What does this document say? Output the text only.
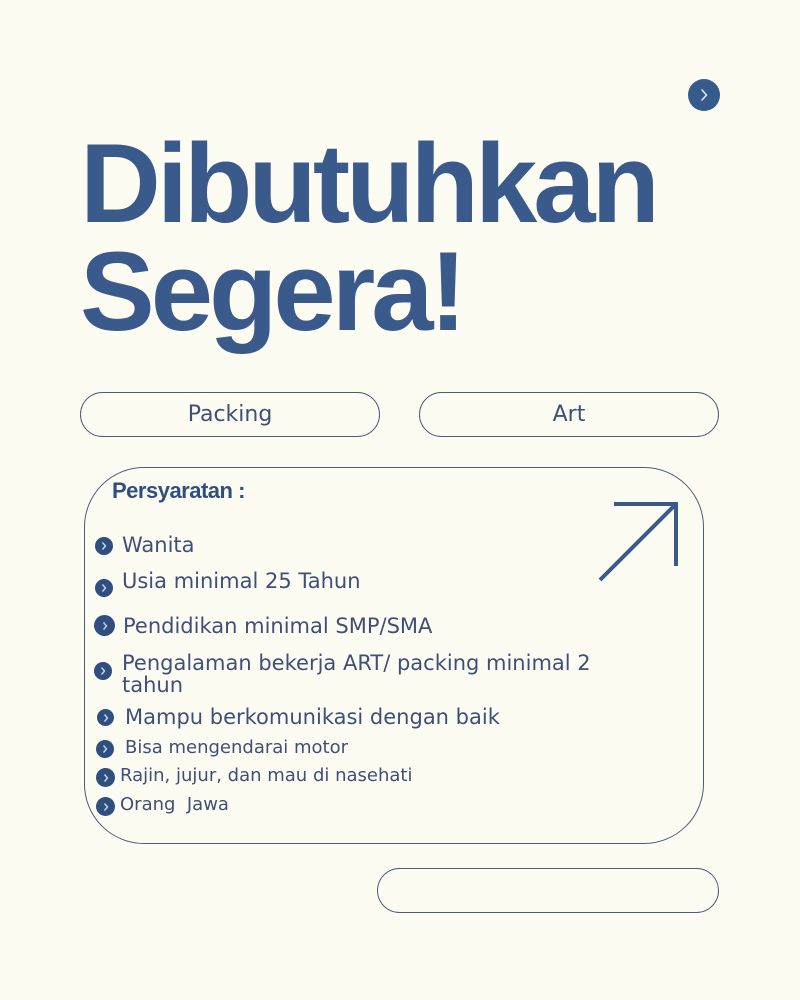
Dibutuhkan
Segera!
Packing	Art
Persyaratan :
Wanita
Usia minimal 25 Tahun
Pendidikan minimal SMP/SMA
Pengalaman bekerja ART/ packing minimal 2 tahun
Mampu berkomunikasi dengan baik
Bisa mengendarai motor
Rajin, jujur, dan mau di nasehati
Orang  Jawa
